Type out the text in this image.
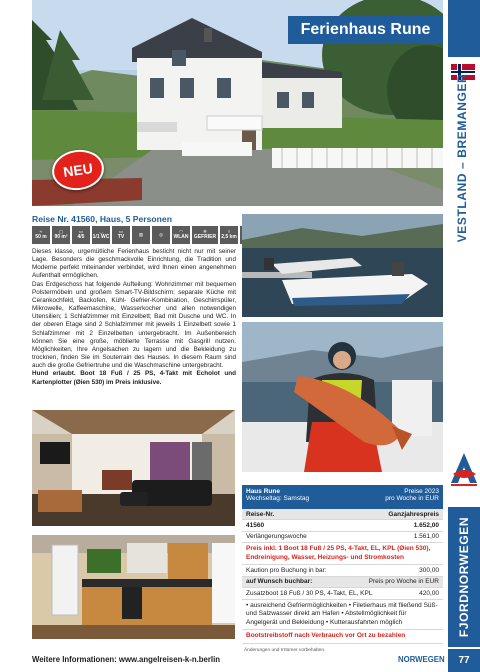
Ferienhaus Rune
NEU	VESTLAND – BREMANGER
FJORDNORWEGEN
77
Reise Nr. 41560, Haus, 5 Personen
≈
50 m
▢
90 m²
▭
4/5
◡
1/1 WC
▭
TV	▥	◎
◠
WLAN
❄
GEFRIER
▿
2,5 km

Dieses klasse, urgemütliche Ferienhaus besticht nicht nur mit seiner Lage. Besonders die geschmackvolle Einrichtung, die Tradition und Moderne perfekt miteinander verbindet, wird Ihnen einen angenehmen Aufenthalt ermöglichen.

Das Erdgeschoss hat folgende Aufteilung: Wohnzimmer mit bequemen Polstermöbeln und großem Smart-TV-Bildschirm; separate Küche mit Cerankochfeld, Backofen, Kühl- Gefrier-Kombination, Geschirrspüler, Mikrowelle, Kaffeemaschine, Wasserkocher und allen notwendigen Utensilien; 1 Schlafzimmer mit Einzelbett; Bad mit Dusche und WC. In der oberen Etage sind 2 Schlafzimmer mit jeweils 1 Einzelbett sowie 1 Schlafzimmer mit 2 Einzelbetten untergebracht. Im Außenbereich können Sie eine große, möblierte Terrasse mit Gasgrill nutzen. Möglichkeiten, Ihre Angelsachen zu lagern und die Bekleidung zu trocknen, finden Sie im Souterrain des Hauses. In diesem Raum sind auch die große Gefriertruhe und die Waschmaschine untergebracht.

Hund erlaubt. Boot 18 Fuß / 25 PS, 4-Takt mit Echolot und Kartenplotter (Øien 530) im Preis inklusive.

Haus Rune
Wechseltag: Samstag
Preise 2023
pro Woche in EUR
Reise-Nr.	Ganzjahrespreis
41560	1.652,00
Verlängerungswoche	1.561,00
Preis inkl. 1 Boot 18 Fuß / 25 PS, 4-Takt, EL, KPL (Øien 530), Endreinigung, Wasser, Heizungs- und Stromkosten
Kaution pro Buchung in bar:	300,00
auf Wunsch buchbar:	Preis pro Woche in EUR
Zusatzboot 18 Fuß / 30 PS, 4-Takt, EL, KPL	420,00
• ausreichend Gefriermöglichkeiten • Filetierhaus mit fließend Süß- und Salzwasser direkt am Hafen • Abstellmöglichkeit für Angelgerät und Bekleidung • Kutterausfahrten möglich
Bootstreibstoff nach Verbrauch vor Ort zu bezahlen
Änderungen und Irrtümer vorbehalten.
Weitere Informationen: www.angelreisen-k-n.berlin	NORWEGEN
